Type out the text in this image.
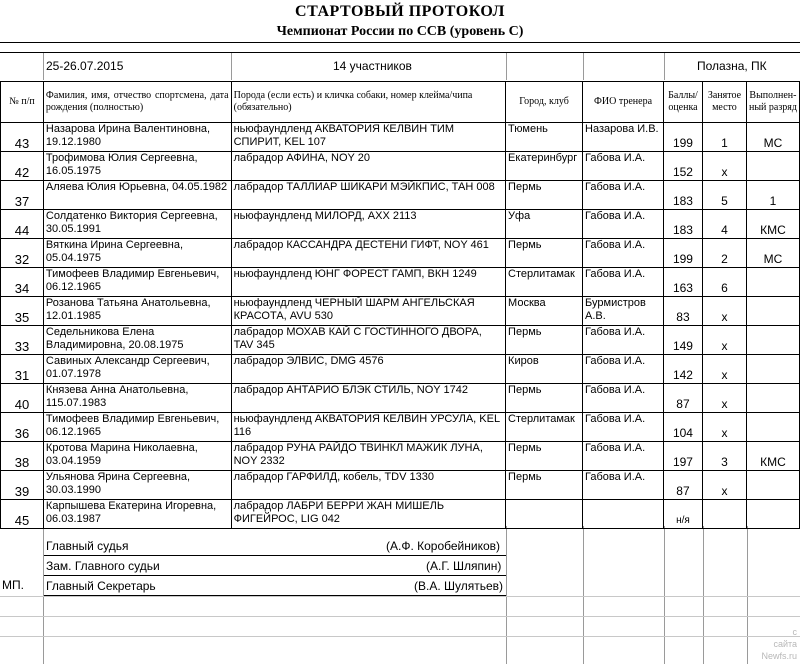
СТАРТОВЫЙ ПРОТОКОЛ
Чемпионат России по ССВ (уровень С)
25-26.07.2015	14 участников	Полазна, ПК
№ п/п	Фамилия, имя, отчество спортсмена, дата рождения (полностью)	Порода (если есть) и кличка собаки, номер клейма/чипа (обязательно)	Город, клуб	ФИО тренера	Баллы/ оценка	Занятое место	Выполнен- ный разряд
43	Назарова Ирина Валентиновна, 19.12.1980	ньюфаундленд АКВАТОРИЯ КЕЛВИН ТИМ СПИРИТ, KEL 107	Тюмень	Назарова И.В.	199	1	МС
42	Трофимова Юлия Сергеевна, 16.05.1975	лабрадор АФИНА, NOY 20	Екатеринбург	Габова И.А.	152	x	
37	Аляева Юлия Юрьевна, 04.05.1982	лабрадор ТАЛЛИАР ШИКАРИ МЭЙКПИС, ТАН 008	Пермь	Габова И.А.	183	5	1
44	Солдатенко Виктория Сергеевна, 30.05.1991	ньюфаундленд МИЛОРД, AXX 2113	Уфа	Габова И.А.	183	4	КМС
32	Вяткина Ирина Сергеевна, 05.04.1975	лабрадор КАССАНДРА ДЕСТЕНИ ГИФТ, NOY 461	Пермь	Габова И.А.	199	2	МС
34	Тимофеев Владимир Евгеньевич, 06.12.1965	ньюфаундленд ЮНГ ФОРЕСТ ГАМП, ВКН 1249	Стерлитамак	Габова И.А.	163	6	
35	Розанова Татьяна Анатольевна, 12.01.1985	ньюфаундленд ЧЕРНЫЙ ШАРМ АНГЕЛЬСКАЯ КРАСОТА, AVU 530	Москва	Бурмистров А.В.	83	x	
33	Седельникова Елена Владимировна, 20.08.1975	лабрадор МОХАВ КАЙ С ГОСТИННОГО ДВОРА, TAV 345	Пермь	Габова И.А.	149	x	
31	Савиных Александр Сергеевич, 01.07.1978	лабрадор ЭЛВИС, DMG 4576	Киров	Габова И.А.	142	x	
40	Князева Анна Анатольевна, 115.07.1983	лабрадор АНТАРИО БЛЭК СТИЛЬ, NOY 1742	Пермь	Габова И.А.	87	x	
36	Тимофеев Владимир Евгеньевич, 06.12.1965	ньюфаундленд АКВАТОРИЯ КЕЛВИН УРСУЛА, KEL 116	Стерлитамак	Габова И.А.	104	x	
38	Кротова Марина Николаевна, 03.04.1959	лабрадор РУНА РАЙДО ТВИНКЛ МАЖИК ЛУНА, NOY 2332	Пермь	Габова И.А.	197	3	КМС
39	Ульянова Ярина Сергеевна, 30.03.1990	лабрадор ГАРФИЛД, кобель, TDV 1330	Пермь	Габова И.А.	87	x	
45	Карпышева Екатерина Игоревна, 06.03.1987	лабрадор ЛАБРИ БЕРРИ ЖАН МИШЕЛЬ ФИГЕЙРОС, LIG 042			н/я		
Главный судья	(А.Ф. Коробейников)
Зам. Главного судьи	(А.Г. Шляпин)
МП. Главный Секретарь	(В.А. Шулятьев)
с
сайта
Newfs.ru
